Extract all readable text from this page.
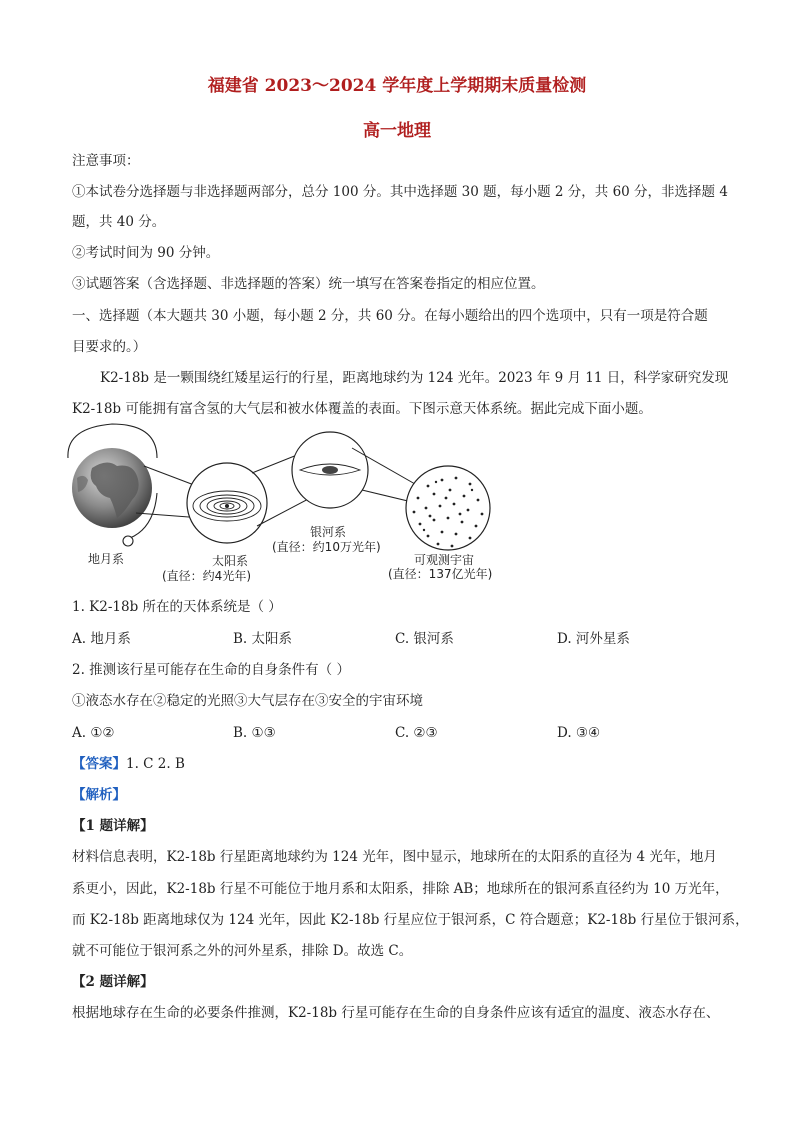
福建省 2023～2024 学年度上学期期末质量检测
高一地理
注意事项：
①本试卷分选择题与非选择题两部分，总分 100 分。其中选择题 30 题，每小题 2 分，共 60 分，非选择题 4
题，共 40 分。
②考试时间为 90 分钟。
③试题答案（含选择题、非选择题的答案）统一填写在答案卷指定的相应位置。
一、选择题（本大题共 30 小题，每小题 2 分，共 60 分。在每小题给出的四个选项中，只有一项是符合题
目要求的。）
K2-18b 是一颗围绕红矮星运行的行星，距离地球约为 124 光年。2023 年 9 月 11 日，科学家研究发现
K2-18b 可能拥有富含氢的大气层和被水体覆盖的表面。下图示意天体系统。据此完成下面小题。
地月系	太阳系
(直径：约4光年)
银河系
(直径：约10万光年)
可观测宇宙
(直径：137亿光年)
1. K2-18b 所在的天体系统是（ ）
A. 地月系	B. 太阳系	C. 银河系	D. 河外星系
2. 推测该行星可能存在生命的自身条件有（ ）
①液态水存在②稳定的光照③大气层存在③安全的宇宙环境
A. ①②	B. ①③	C. ②③	D. ③④
【答案】1. C 2. B
【解析】
【1 题详解】
材料信息表明，K2-18b 行星距离地球约为 124 光年，图中显示，地球所在的太阳系的直径为 4 光年，地月
系更小，因此，K2-18b 行星不可能位于地月系和太阳系，排除 AB；地球所在的银河系直径约为 10 万光年，
而 K2-18b 距离地球仅为 124 光年，因此 K2-18b 行星应位于银河系，C 符合题意；K2-18b 行星位于银河系，
就不可能位于银河系之外的河外星系，排除 D。故选 C。
【2 题详解】
根据地球存在生命的必要条件推测，K2-18b 行星可能存在生命的自身条件应该有适宜的温度、液态水存在、
